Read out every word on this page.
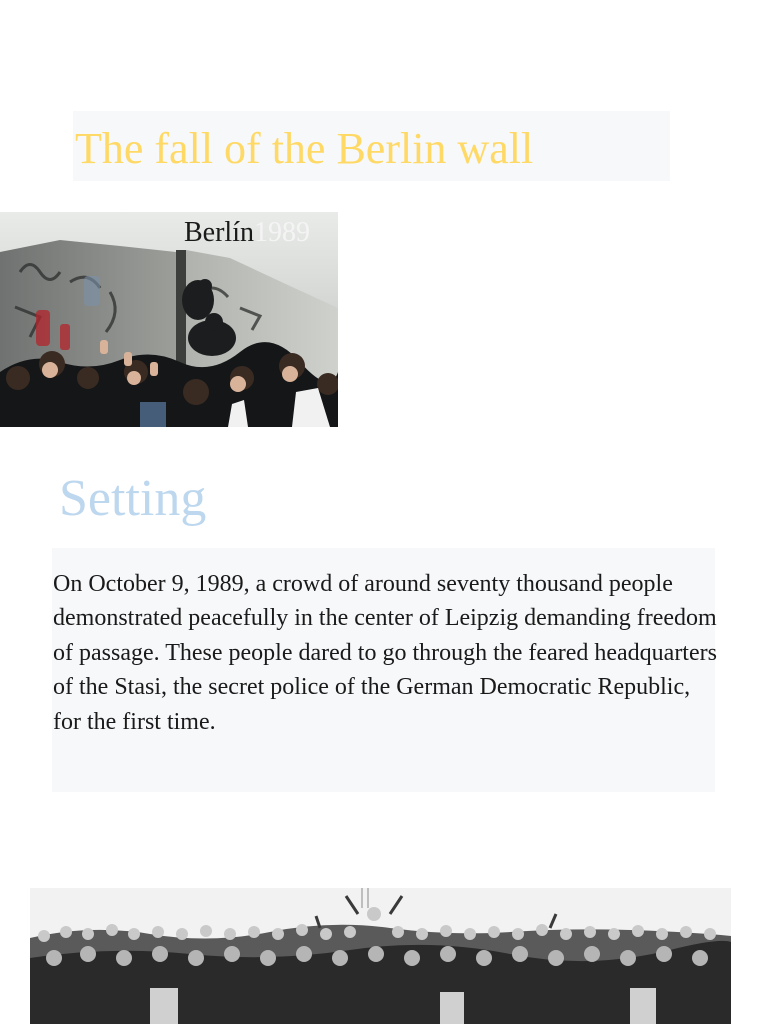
The fall of the Berlin wall
Berlín1989
Setting

On October 9, 1989, a crowd of around seventy thousand people demonstrated peacefully in the center of Leipzig demanding freedom of passage. These people dared to go through the feared headquarters of the Stasi, the secret police of the German Democratic Republic, for the first time.
